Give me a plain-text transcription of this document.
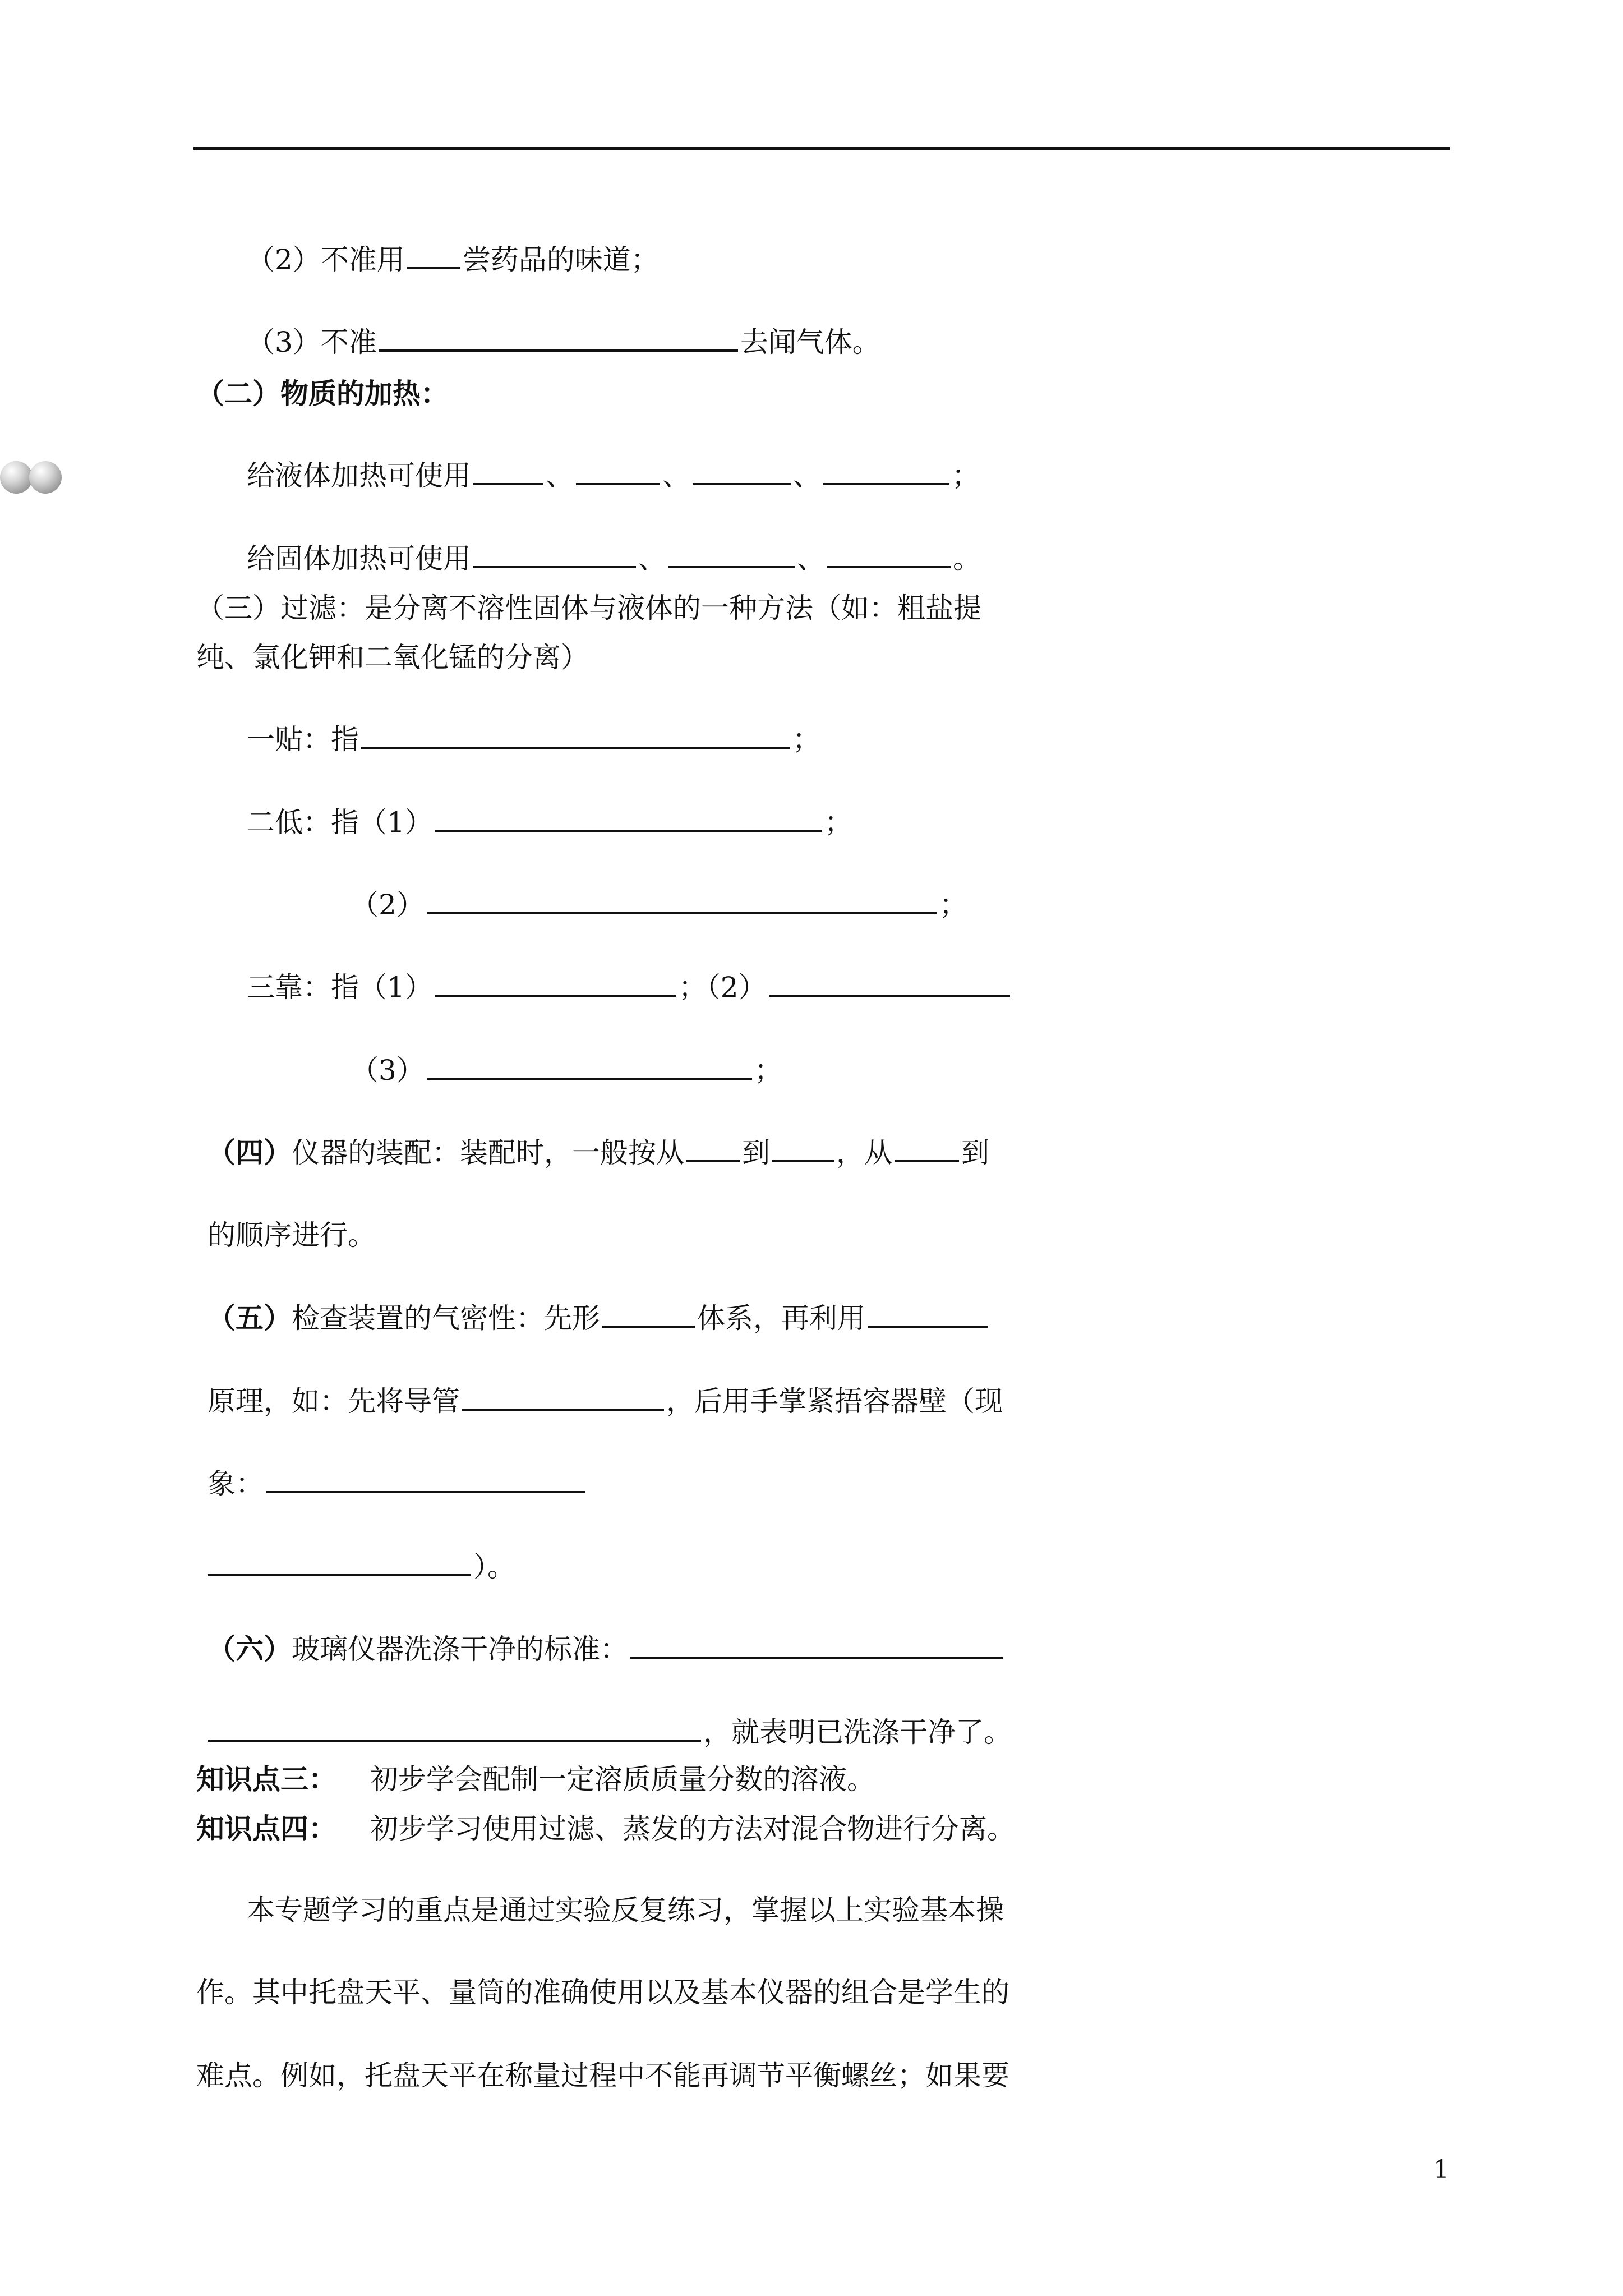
（2）不准用 尝药品的味道；
（3）不准	去闻气体。
（二）物质的加热：
给液体加热可使用	、	、	、	；
给固体加热可使用	、	、	。
（三）过滤：是分离不溶性固体与液体的一种方法（如：粗盐提
纯、氯化钾和二氧化锰的分离）
一贴：指	；
二低：指（1）	；
（2）	；
三靠：指（1）	；（2）
（3）	；
（四）仪器的装配：装配时，一般按从 到 ，从 到
的顺序进行。
（五）检查装置的气密性：先形	体系，再利用
原理，如：先将导管	，后用手掌紧捂容器壁（现
象：
）。
（六）玻璃仪器洗涤干净的标准：
，就表明已洗涤干净了。
知识点三： 初步学会配制一定溶质质量分数的溶液。
知识点四： 初步学习使用过滤、蒸发的方法对混合物进行分离。
本专题学习的重点是通过实验反复练习，掌握以上实验基本操
作。其中托盘天平、量筒的准确使用以及基本仪器的组合是学生的
难点。例如，托盘天平在称量过程中不能再调节平衡螺丝；如果要
1
